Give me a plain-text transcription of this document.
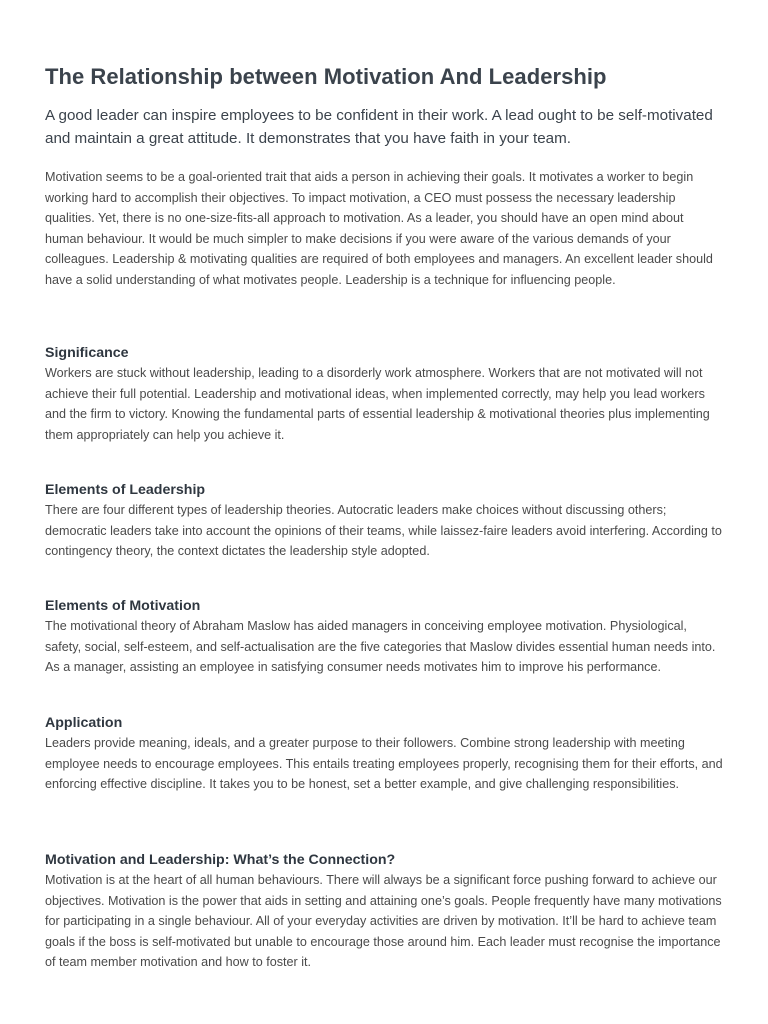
The Relationship between Motivation And Leadership

A good leader can inspire employees to be confident in their work. A lead ought to be self-motivated and maintain a great attitude. It demonstrates that you have faith in your team.

Motivation seems to be a goal-oriented trait that aids a person in achieving their goals. It motivates a worker to begin working hard to accomplish their objectives. To impact motivation, a CEO must possess the necessary leadership qualities. Yet, there is no one-size-fits-all approach to motivation. As a leader, you should have an open mind about human behaviour. It would be much simpler to make decisions if you were aware of the various demands of your colleagues. Leadership & motivating qualities are required of both employees and managers. An excellent leader should have a solid understanding of what motivates people. Leadership is a technique for influencing people.

Significance

Workers are stuck without leadership, leading to a disorderly work atmosphere. Workers that are not motivated will not achieve their full potential. Leadership and motivational ideas, when implemented correctly, may help you lead workers and the firm to victory. Knowing the fundamental parts of essential leadership & motivational theories plus implementing them appropriately can help you achieve it.

Elements of Leadership

There are four different types of leadership theories. Autocratic leaders make choices without discussing others; democratic leaders take into account the opinions of their teams, while laissez-faire leaders avoid interfering. According to contingency theory, the context dictates the leadership style adopted.

Elements of Motivation

The motivational theory of Abraham Maslow has aided managers in conceiving employee motivation. Physiological, safety, social, self-esteem, and self-actualisation are the five categories that Maslow divides essential human needs into. As a manager, assisting an employee in satisfying consumer needs motivates him to improve his performance.

Application

Leaders provide meaning, ideals, and a greater purpose to their followers. Combine strong leadership with meeting employee needs to encourage employees. This entails treating employees properly, recognising them for their efforts, and enforcing effective discipline. It takes you to be honest, set a better example, and give challenging responsibilities.

Motivation and Leadership: What’s the Connection?

Motivation is at the heart of all human behaviours. There will always be a significant force pushing forward to achieve our objectives. Motivation is the power that aids in setting and attaining one’s goals. People frequently have many motivations for participating in a single behaviour. All of your everyday activities are driven by motivation. It’ll be hard to achieve team goals if the boss is self-motivated but unable to encourage those around him. Each leader must recognise the importance of team member motivation and how to foster it.
